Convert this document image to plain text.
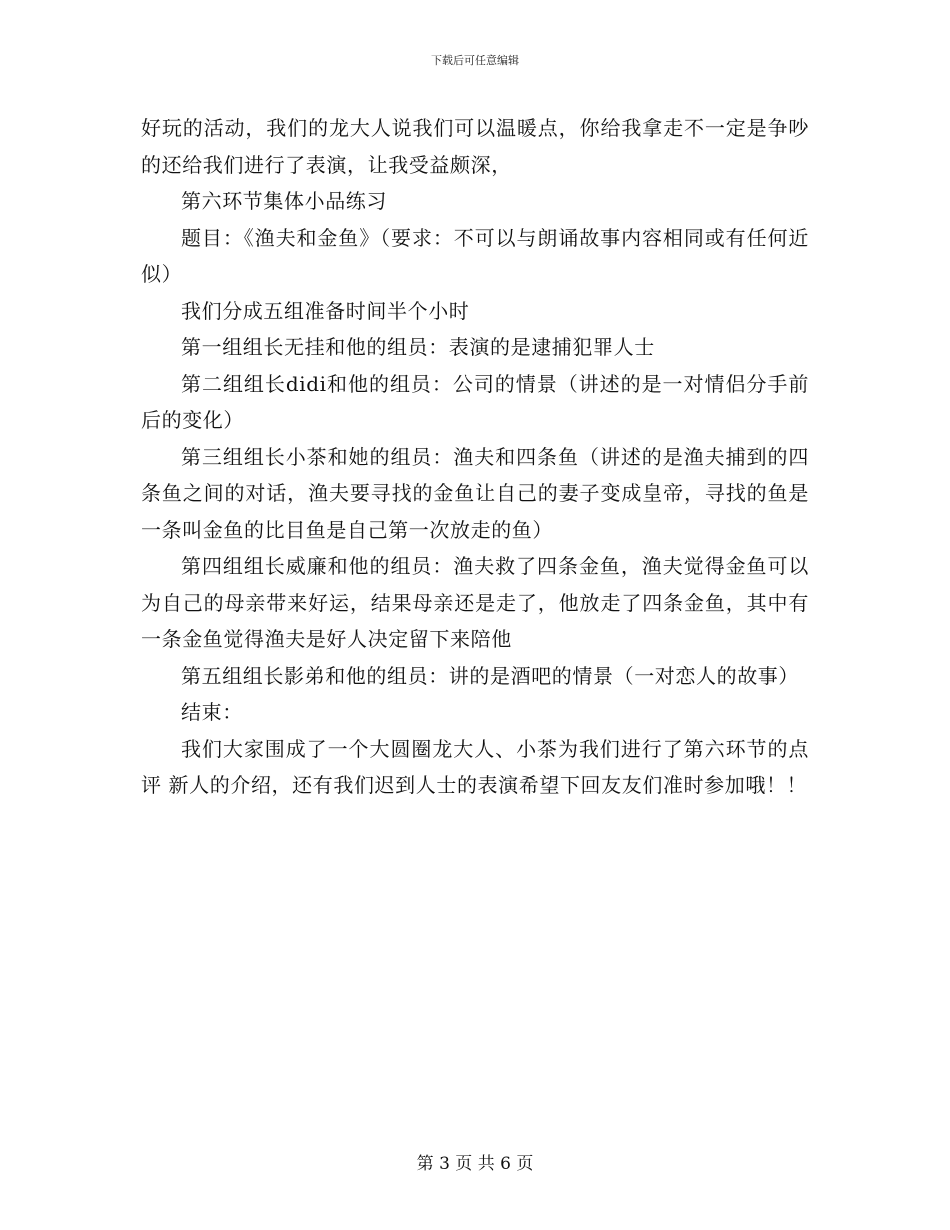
下载后可任意编辑

好玩的活动，我们的龙大人说我们可以温暖点，你给我拿走不一定是争吵的还给我们进行了表演，让我受益颇深，

第六环节集体小品练习

题目：《渔夫和金鱼》（要求：不可以与朗诵故事内容相同或有任何近似）

我们分成五组准备时间半个小时

第一组组长无挂和他的组员：表演的是逮捕犯罪人士

第二组组长didi和他的组员：公司的情景（讲述的是一对情侣分手前后的变化）

第三组组长小茶和她的组员：渔夫和四条鱼（讲述的是渔夫捕到的四条鱼之间的对话，渔夫要寻找的金鱼让自己的妻子变成皇帝，寻找的鱼是一条叫金鱼的比目鱼是自己第一次放走的鱼）

第四组组长威廉和他的组员：渔夫救了四条金鱼，渔夫觉得金鱼可以为自己的母亲带来好运，结果母亲还是走了，他放走了四条金鱼，其中有一条金鱼觉得渔夫是好人决定留下来陪他

第五组组长影弟和他的组员：讲的是酒吧的情景（一对恋人的故事）

结束：

我们大家围成了一个大圆圈龙大人、小茶为我们进行了第六环节的点评 新人的介绍，还有我们迟到人士的表演希望下回友友们准时参加哦！！

第 3 页 共 6 页
